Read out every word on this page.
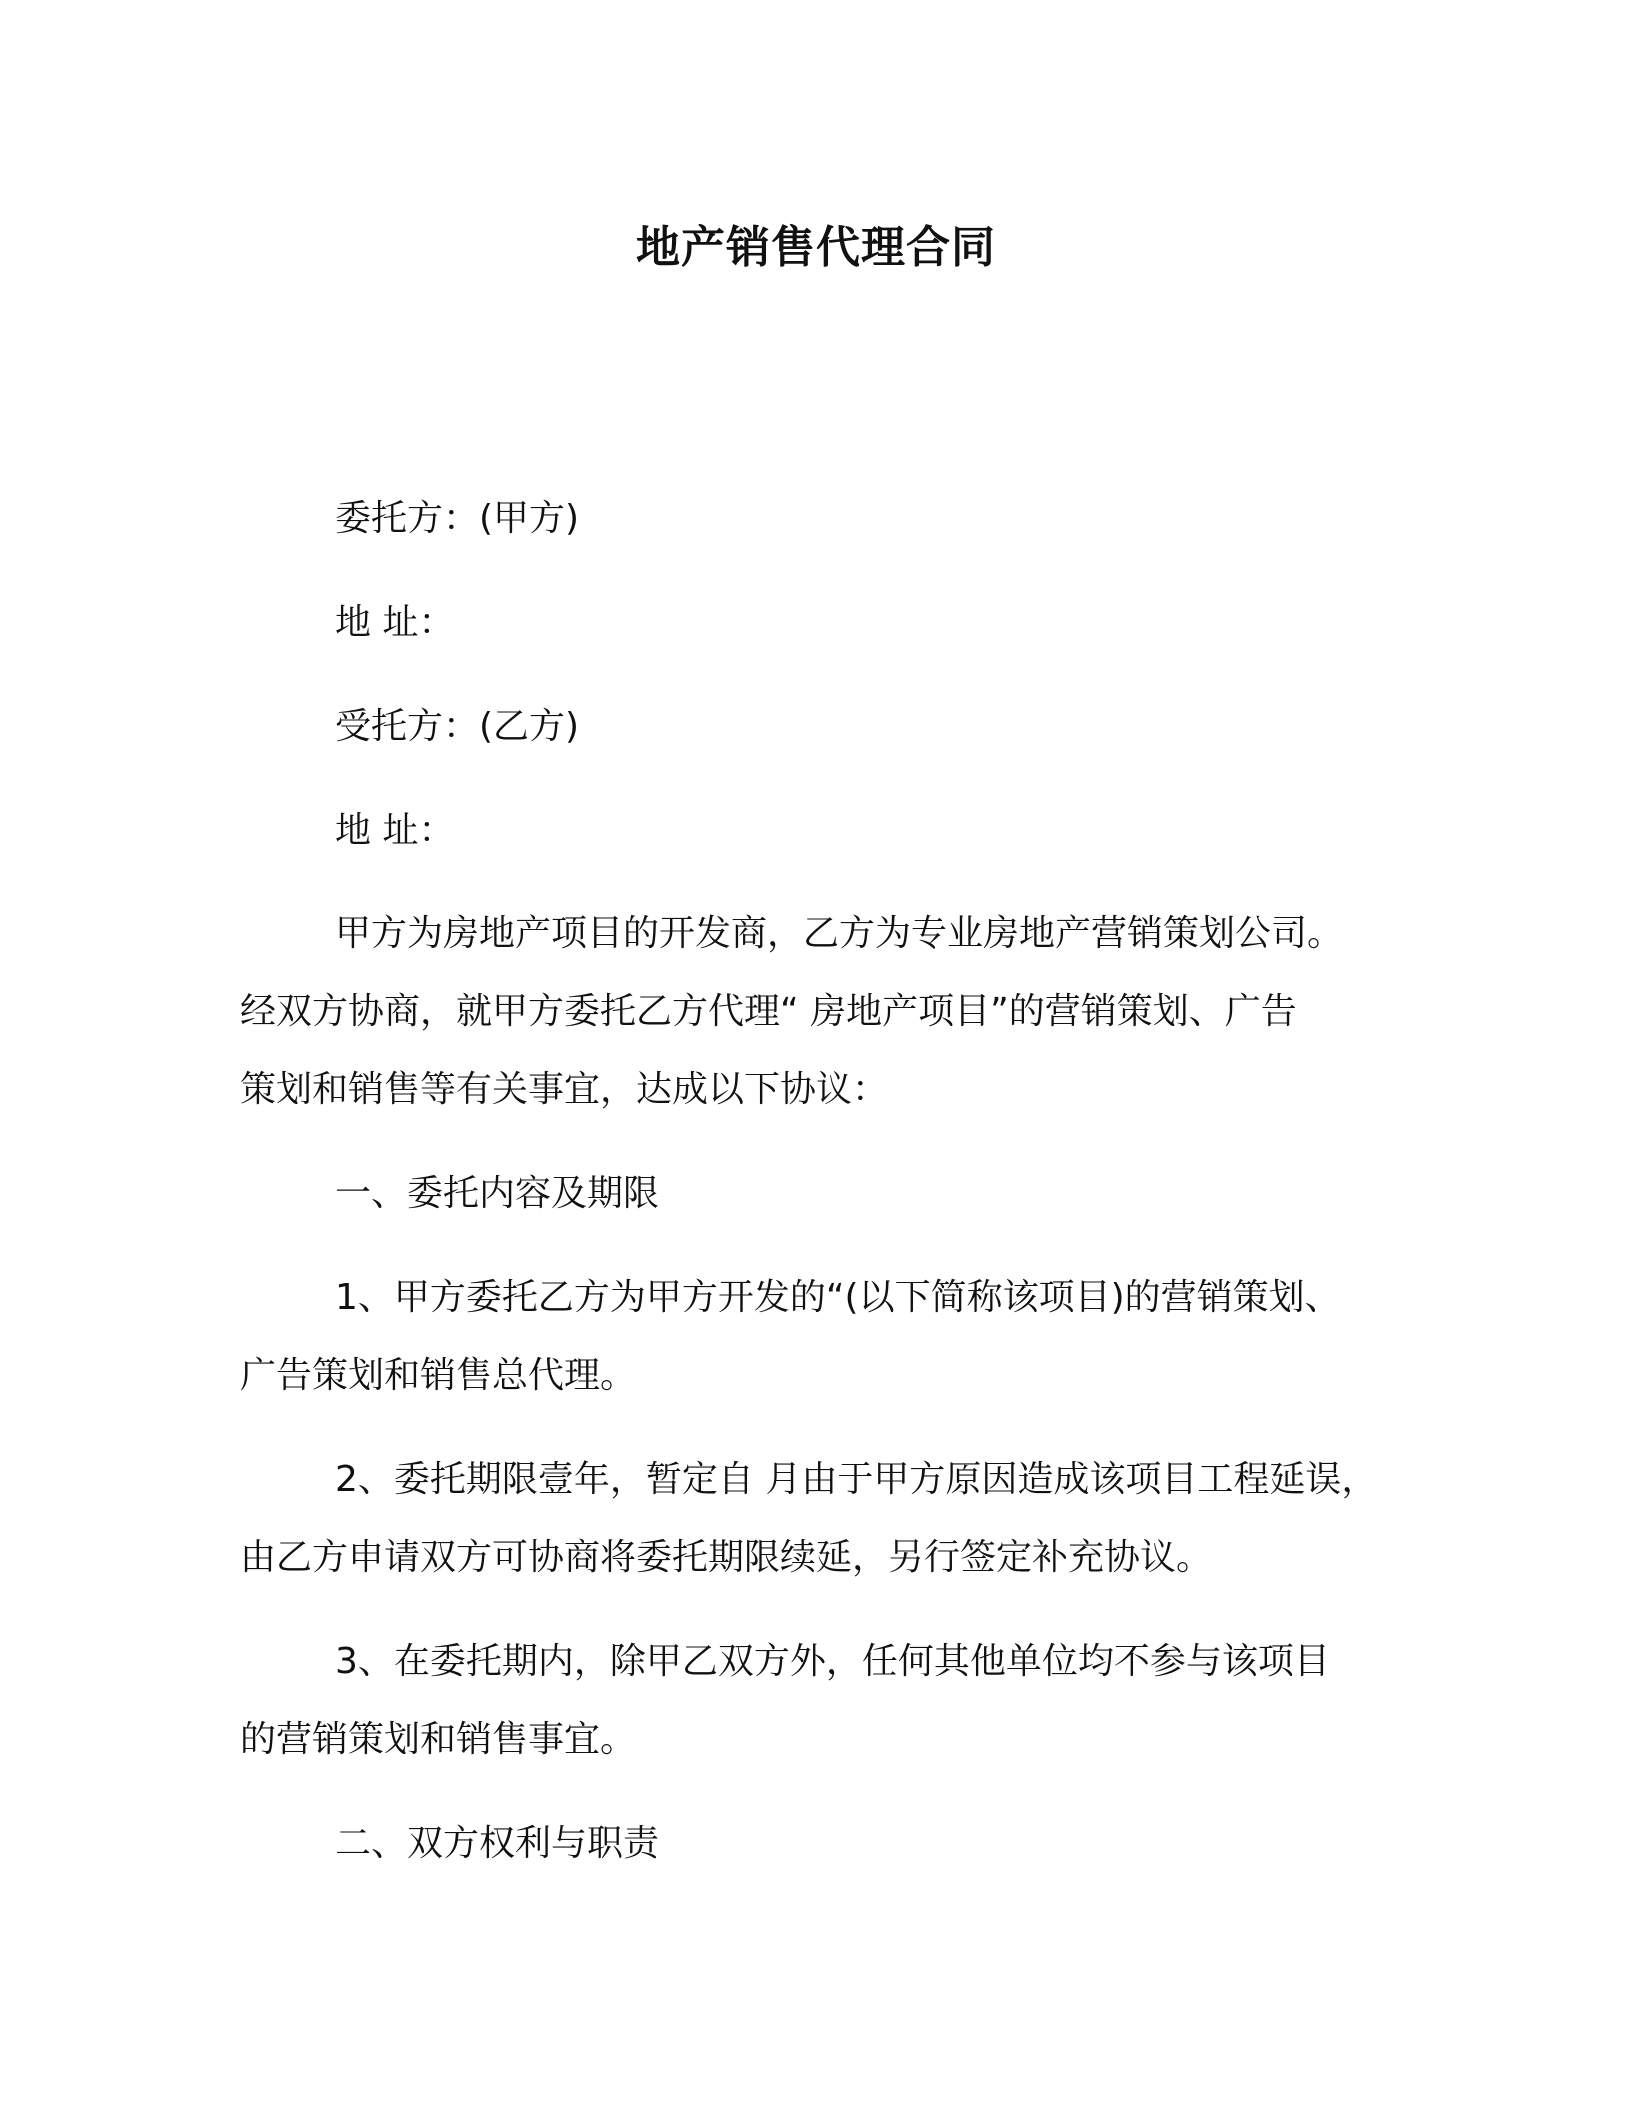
地产销售代理合同
委托方：(甲方)
地 址：
受托方：(乙方)
地 址：
甲方为房地产项目的开发商，乙方为专业房地产营销策划公司。
经双方协商，就甲方委托乙方代理“ 房地产项目”的营销策划、广告
策划和销售等有关事宜，达成以下协议：
一、委托内容及期限
1、甲方委托乙方为甲方开发的“(以下简称该项目)的营销策划、
广告策划和销售总代理。
2、委托期限壹年，暂定自 月由于甲方原因造成该项目工程延误，
由乙方申请双方可协商将委托期限续延，另行签定补充协议。
3、在委托期内，除甲乙双方外，任何其他单位均不参与该项目
的营销策划和销售事宜。
二、双方权利与职责
